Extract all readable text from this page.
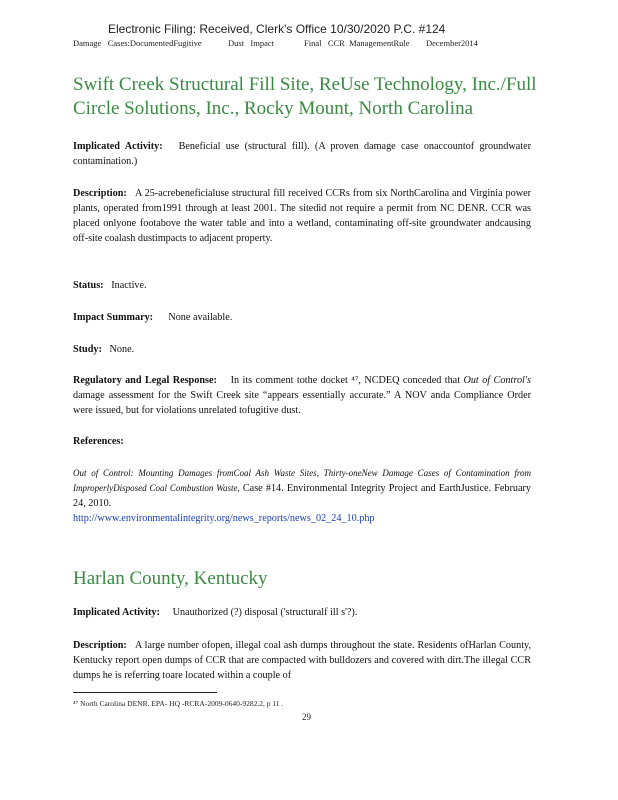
Electronic Filing: Received, Clerk's Office 10/30/2020 P.C. #124
Damage   Cases:DocumentedFugitive	Dust   Impact	Final   CCR  ManagementRule	December2014
Swift Creek Structural Fill Site, ReUse Technology, Inc./Full Circle Solutions, Inc., Rocky Mount, North Carolina

Implicated Activity: Beneficial use (structural fill). (A proven damage case onaccountof groundwater contamination.)

Description: A 25-acrebeneficialuse structural fill received CCRs from six NorthCarolina and Virginia power plants, operated from1991 through at least 2001. The sitedid not require a permit from NC DENR. CCR was placed onlyone footabove the water table and into a wetland, contaminating off-site groundwater andcausing off-site coalash dustimpacts to adjacent property.

Status: Inactive.

Impact Summary: None available.

Study: None.

Regulatory and Legal Response: In its comment tothe docket ⁴⁷, NCDEQ conceded that Out of Control's damage assessment for the Swift Creek site “appears essentially accurate.” A NOV anda Compliance Order were issued, but for violations unrelated tofugitive dust.

References:

Out of Control: Mounting Damages fromCoal Ash Waste Sites, Thirty-oneNew Damage Cases of Contamination from ImproperlyDisposed Coal Combustion Waste, Case #14. Environmental Integrity Project and EarthJustice. February 24, 2010.
http://www.environmentalintegrity.org/news_reports/news_02_24_10.php

Harlan County, Kentucky

Implicated Activity: Unauthorized (?) disposal ('structuralf ill s'?).

Description: A large number ofopen, illegal coal ash dumps throughout the state. Residents ofHarlan County, Kentucky report open dumps of CCR that are compacted with bulldozers and covered with dirt.The illegal CCR dumps he is referring toare located within a couple of

⁴⁷ North Carolina DENR. EPA- HQ -RCRA-2009-0640-9282.2, p 11 .
29
